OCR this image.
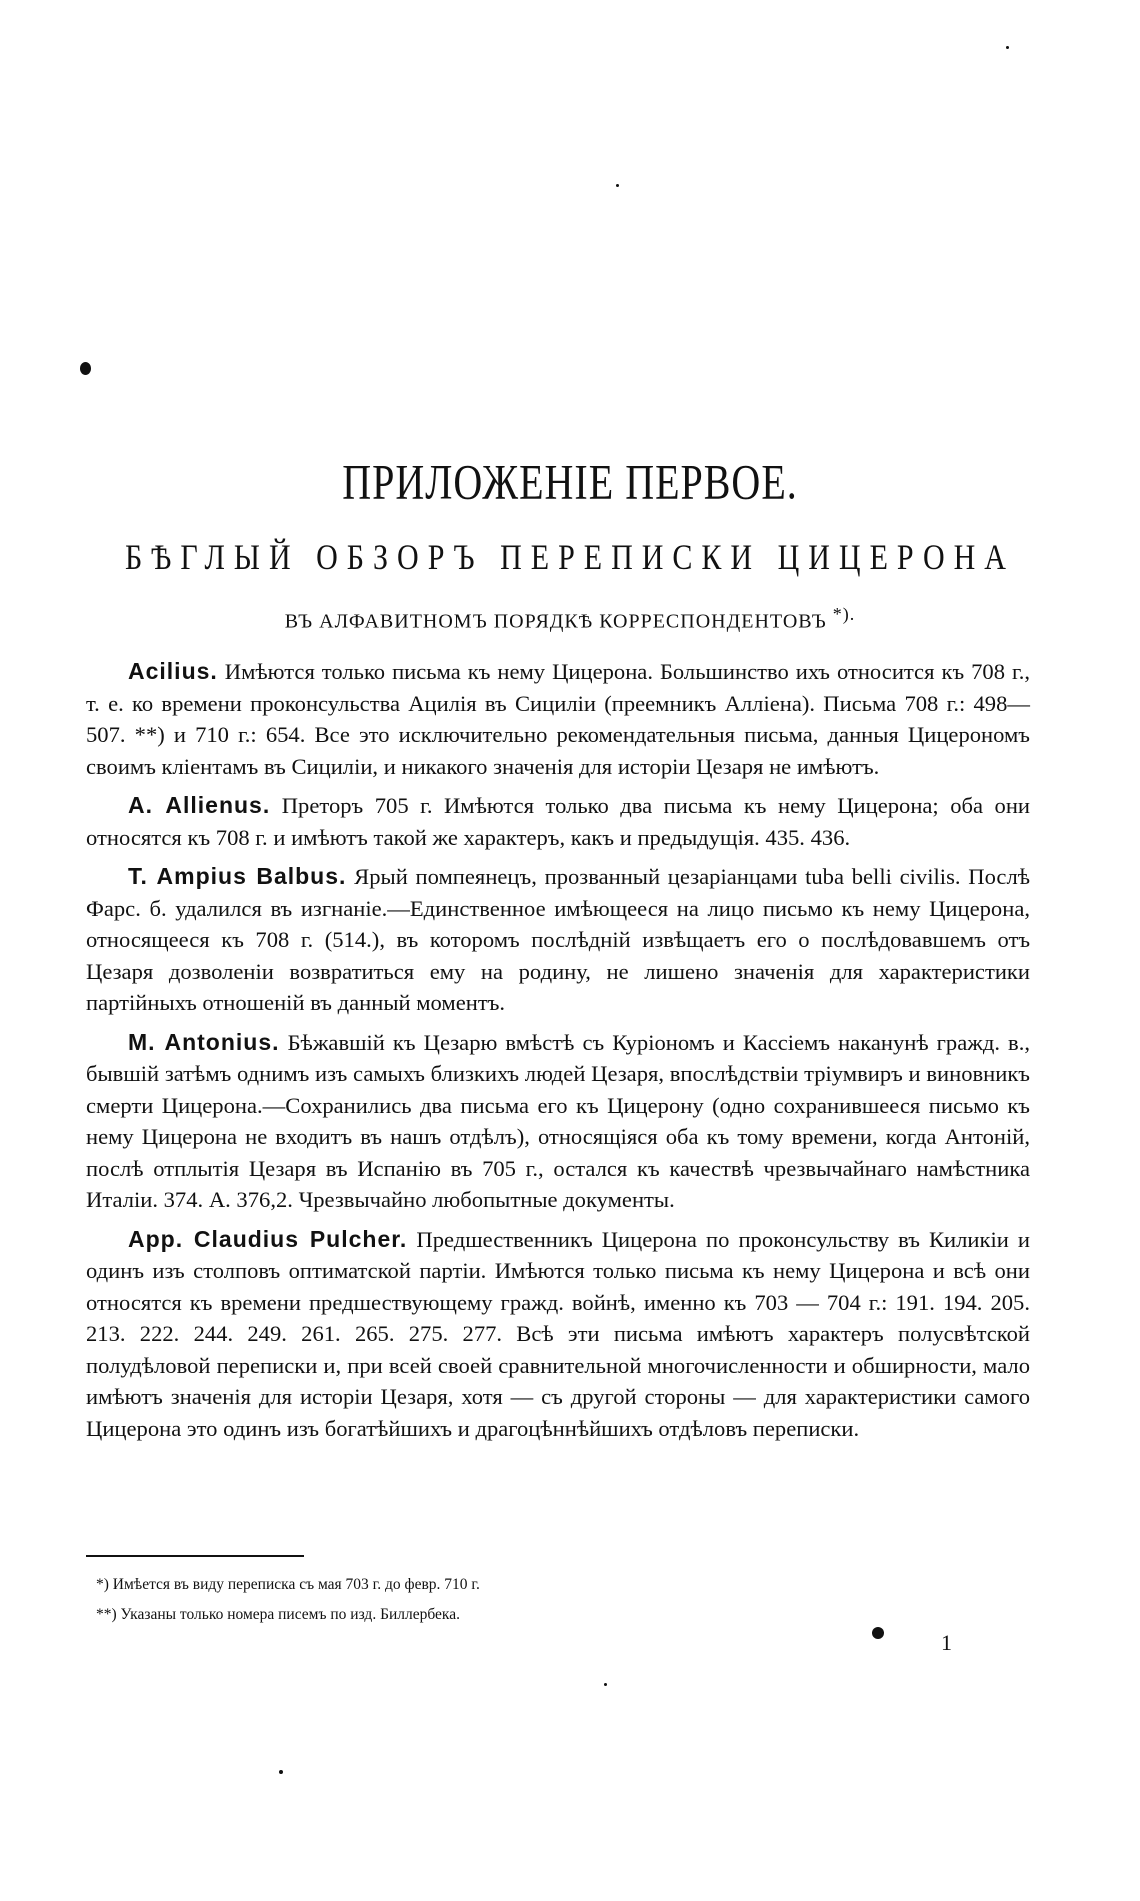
ПРИЛОЖЕНІЕ ПЕРВОЕ.
БѢГЛЫЙ ОБЗОРЪ ПЕРЕПИСКИ ЦИЦЕРОНА
ВЪ АЛФАВИТНОМЪ ПОРЯДКѢ КОРРЕСПОНДЕНТОВЪ *).

Acilius. Имѣются только письма къ нему Цицерона. Большинство ихъ относится къ 708 г., т. е. ко времени проконсульства Ацилія въ Сициліи (преемникъ Аллiена). Письма 708 г.: 498—507. **) и 710 г.: 654. Все это исключительно рекомендательныя письма, данныя Цицерономъ своимъ кліентамъ въ Сициліи, и никакого значенія для исторіи Цезаря не имѣютъ.

A. Allienus. Преторъ 705 г. Имѣются только два письма къ нему Цицерона; оба они относятся къ 708 г. и имѣютъ такой же характеръ, какъ и предыдущія. 435. 436.

T. Ampius Balbus. Ярый помпеянецъ, прозванный цезаріанцами tuba belli civilis. Послѣ Фарс. б. удалился въ изгнаніе.—Единственное имѣющееся на лицо письмо къ нему Цицерона, относящееся къ 708 г. (514.), въ которомъ послѣдній извѣщаетъ его о послѣдовавшемъ отъ Цезаря дозволеніи возвратиться ему на родину, не лишено значенія для характеристики партійныхъ отношеній въ данный моментъ.

M. Antonius. Бѣжавшій къ Цезарю вмѣстѣ съ Куріономъ и Кассіемъ наканунѣ гражд. в., бывшій затѣмъ однимъ изъ самыхъ близкихъ людей Цезаря, впослѣдствіи тріумвиръ и виновникъ смерти Цицерона.—Сохранились два письма его къ Цицерону (одно сохранившееся письмо къ нему Цицерона не входитъ въ нашъ отдѣлъ), относящіяся оба къ тому времени, когда Антоній, послѣ отплытія Цезаря въ Испанію въ 705 г., остался къ качествѣ чрезвычайнаго намѣстника Италіи. 374. А. 376,2. Чрезвычайно любопытные документы.

App. Claudius Pulcher. Предшественникъ Цицерона по проконсульству въ Киликіи и одинъ изъ столповъ оптиматской партіи. Имѣются только письма къ нему Цицерона и всѣ они относятся къ времени предшествующему гражд. войнѣ, именно къ 703 — 704 г.: 191. 194. 205. 213. 222. 244. 249. 261. 265. 275. 277. Всѣ эти письма имѣютъ характеръ полусвѣтской полудѣловой переписки и, при всей своей сравнительной многочисленности и обширности, мало имѣютъ значенія для исторіи Цезаря, хотя — съ другой стороны — для характеристики самого Цицерона это одинъ изъ богатѣйшихъ и драгоцѣннѣйшихъ отдѣловъ переписки.

*) Имѣется въ виду переписка съ мая 703 г. до февр. 710 г.

**) Указаны только номера писемъ по изд. Биллербека.

1
